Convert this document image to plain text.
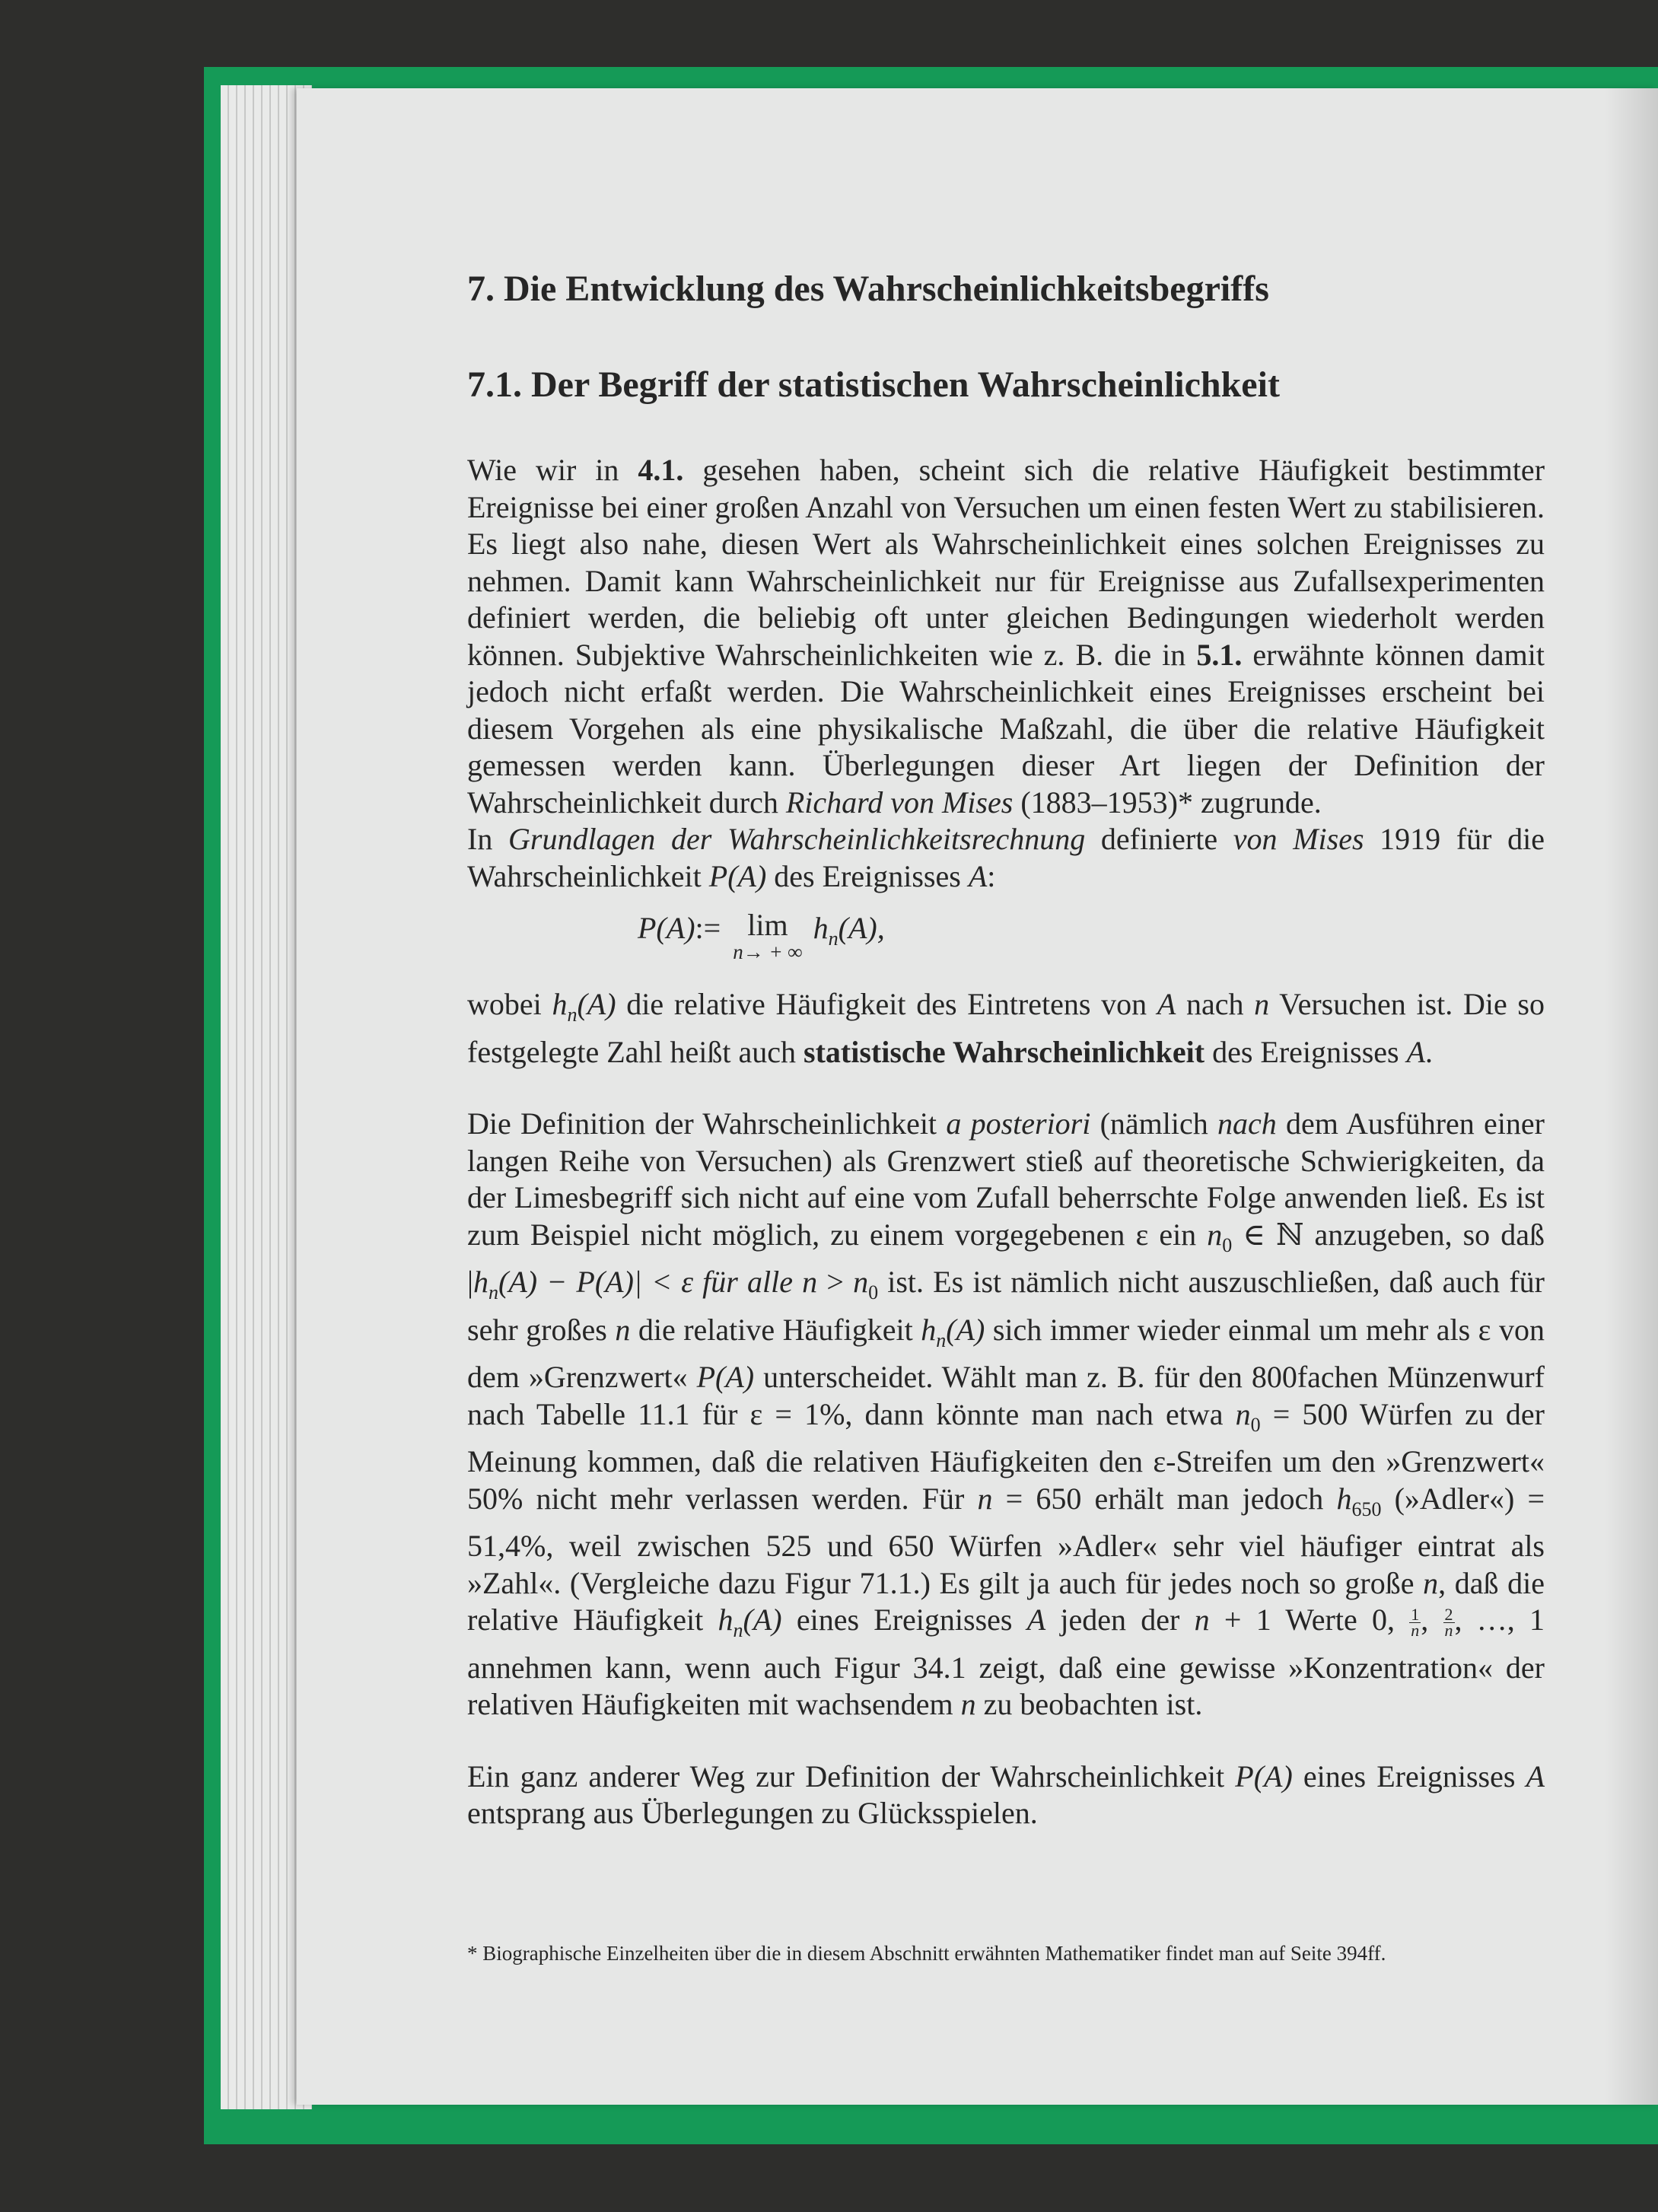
7. Die Entwicklung des Wahrscheinlichkeitsbegriffs
7.1. Der Begriff der statistischen Wahrscheinlichkeit

Wie wir in 4.1. gesehen haben, scheint sich die relative Häufigkeit bestimmter Ereignisse bei einer großen Anzahl von Versuchen um einen festen Wert zu stabilisieren. Es liegt also nahe, diesen Wert als Wahrscheinlichkeit eines solchen Ereignisses zu nehmen. Damit kann Wahrscheinlichkeit nur für Ereignisse aus Zufallsexperimenten definiert werden, die beliebig oft unter gleichen Bedingungen wiederholt werden können. Subjektive Wahrscheinlichkeiten wie z. B. die in 5.1. erwähnte können damit jedoch nicht erfaßt werden. Die Wahrscheinlichkeit eines Ereignisses erscheint bei diesem Vorgehen als eine physikalische Maßzahl, die über die relative Häufigkeit gemessen werden kann. Überlegungen dieser Art liegen der Definition der Wahrscheinlichkeit durch Richard von Mises (1883–1953)* zugrunde.

In Grundlagen der Wahrscheinlichkeitsrechnung definierte von Mises 1919 für die Wahrscheinlichkeit P(A) des Ereignisses A:

P(A) := lim
n→ + ∞
$h_n(A)$,

wobei $h_n(A)$ die relative Häufigkeit des Eintretens von A nach n Versuchen ist. Die so festgelegte Zahl heißt auch statistische Wahrscheinlichkeit des Ereignisses A.

Die Definition der Wahrscheinlichkeit a posteriori (nämlich nach dem Ausführen einer langen Reihe von Versuchen) als Grenzwert stieß auf theoretische Schwierigkeiten, da der Limesbegriff sich nicht auf eine vom Zufall beherrschte Folge anwenden ließ. Es ist zum Beispiel nicht möglich, zu einem vorgegebenen ε ein $n_0$ ∈ ℕ anzugeben, so daß $|h_n(A) - P(A)| < \varepsilon$ für alle $n > n_0$ ist. Es ist nämlich nicht auszuschließen, daß auch für sehr großes n die relative Häufigkeit $h_n(A)$ sich immer wieder einmal um mehr als ε von dem »Grenzwert« P(A) unterscheidet. Wählt man z. B. für den 800fachen Münzenwurf nach Tabelle 11.1 für ε = 1%, dann könnte man nach etwa $n_0 = 500$ Würfen zu der Meinung kommen, daß die relativen Häufigkeiten den ε-Streifen um den »Grenzwert« 50% nicht mehr verlassen werden. Für n = 650 erhält man jedoch $h_{650}$ (»Adler«) = 51,4%, weil zwischen 525 und 650 Würfen »Adler« sehr viel häufiger eintrat als »Zahl«. (Vergleiche dazu Figur 71.1.) Es gilt ja auch für jedes noch so große n, daß die relative Häufigkeit $h_n(A)$ eines Ereignisses A jeden der n + 1 Werte 0, $\frac{1}{n}$, $\frac{2}{n}$, …, 1 annehmen kann, wenn auch Figur 34.1 zeigt, daß eine gewisse »Konzentration« der relativen Häufigkeiten mit wachsendem n zu beobachten ist.

Ein ganz anderer Weg zur Definition der Wahrscheinlichkeit P(A) eines Ereignisses A entsprang aus Überlegungen zu Glücksspielen.

* Biographische Einzelheiten über die in diesem Abschnitt erwähnten Mathematiker findet man auf Seite 394ff.
